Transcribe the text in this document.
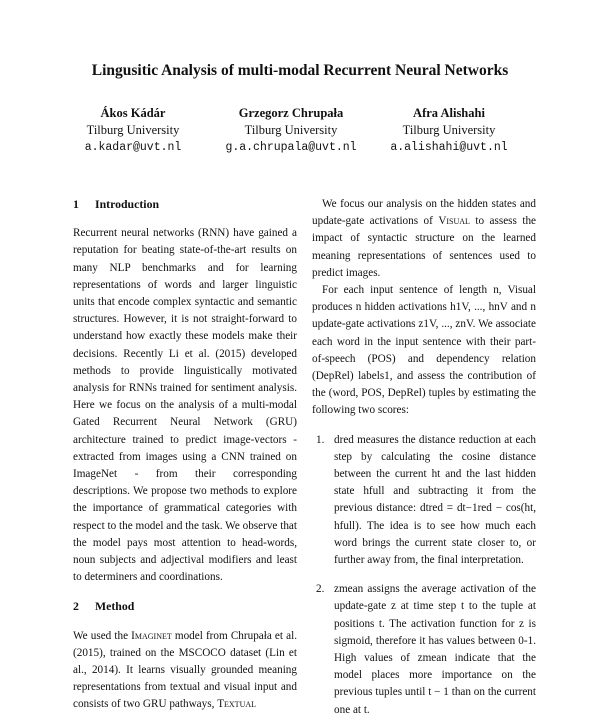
Lingusitic Analysis of multi-modal Recurrent Neural Networks
Ákos Kádár
Tilburg University
a.kadar@uvt.nl
Grzegorz Chrupała
Tilburg University
g.a.chrupala@uvt.nl
Afra Alishahi
Tilburg University
a.alishahi@uvt.nl
1 Introduction

Recurrent neural networks (RNN) have gained a reputation for beating state-of-the-art results on many NLP benchmarks and for learning representations of words and larger linguistic units that encode complex syntactic and semantic structures. However, it is not straight-forward to understand how exactly these models make their decisions. Recently Li et al. (2015) developed methods to provide linguistically motivated analysis for RNNs trained for sentiment analysis. Here we focus on the analysis of a multi-modal Gated Recurrent Neural Network (GRU) architecture trained to predict image-vectors - extracted from images using a CNN trained on ImageNet - from their corresponding descriptions. We propose two methods to explore the importance of grammatical categories with respect to the model and the task. We observe that the model pays most attention to head-words, noun subjects and adjectival modifiers and least to determiners and coordinations.

2 Method

We used the Imaginet model from Chrupała et al. (2015), trained on the MSCOCO dataset (Lin et al., 2014). It learns visually grounded meaning representations from textual and visual input and consists of two GRU pathways, Textual

We focus our analysis on the hidden states and update-gate activations of Visual to assess the impact of syntactic structure on the learned meaning representations of sentences used to predict images.

For each input sentence of length n, Visual produces n hidden activations h1V, ..., hnV and n update-gate activations z1V, ..., znV. We associate each word in the input sentence with their part-of-speech (POS) and dependency relation (DepRel) labels1, and assess the contribution of the (word, POS, DepRel) tuples by estimating the following two scores:

1. dred measures the distance reduction at each step by calculating the cosine distance between the current ht and the last hidden state hfull and subtracting it from the previous distance: dtred = dt−1red − cos(ht, hfull). The idea is to see how much each word brings the current state closer to, or further away from, the final interpretation.
2. zmean assigns the average activation of the update-gate z at time step t to the tuple at positions t. The activation function for z is sigmoid, therefore it has values between 0-1. High values of zmean indicate that the model places more importance on the previous tuples until t − 1 than on the current one at t.
